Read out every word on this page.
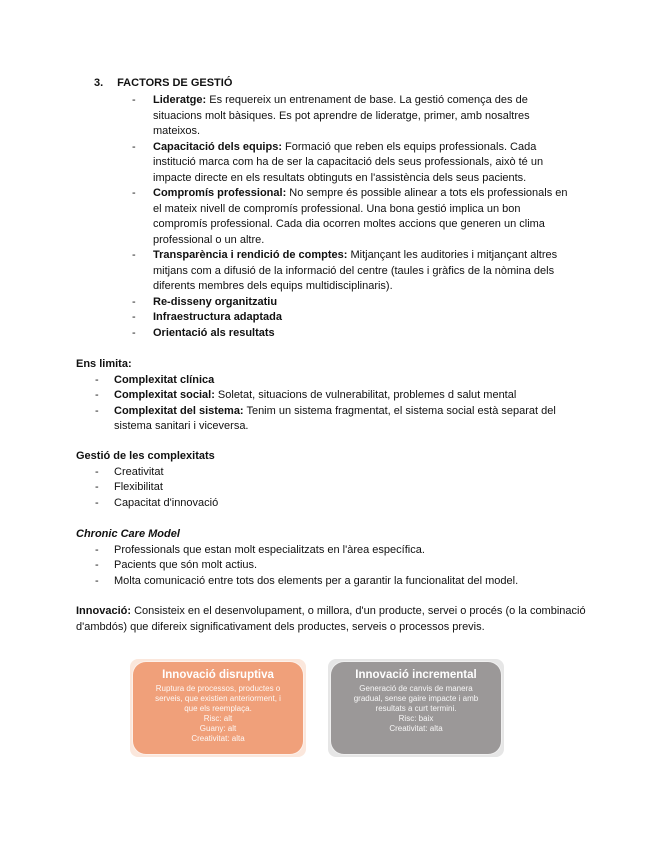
3. FACTORS DE GESTIÓ
- Lideratge: Es requereix un entrenament de base. La gestió comença des de situacions molt bàsiques. Es pot aprendre de lideratge, primer, amb nosaltres mateixos.
- Capacitació dels equips: Formació que reben els equips professionals. Cada institució marca com ha de ser la capacitació dels seus professionals, això té un impacte directe en els resultats obtinguts en l'assistència dels seus pacients.
- Compromís professional: No sempre és possible alinear a tots els professionals en el mateix nivell de compromís professional. Una bona gestió implica un bon compromís professional. Cada dia ocorren moltes accions que generen un clima professional o un altre.
- Transparència i rendició de comptes: Mitjançant les auditories i mitjançant altres mitjans com a difusió de la informació del centre (taules i gràfics de la nòmina dels diferents membres dels equips multidisciplinaris).
- Re-disseny organitzatiu
- Infraestructura adaptada
- Orientació als resultats

Ens limita:

- Complexitat clínica
- Complexitat social: Soletat, situacions de vulnerabilitat, problemes d salut mental
- Complexitat del sistema: Tenim un sistema fragmentat, el sistema social està separat del sistema sanitari i viceversa.

Gestió de les complexitats

- Creativitat
- Flexibilitat
- Capacitat d'innovació

Chronic Care Model

- Professionals que estan molt especialitzats en l'àrea específica.
- Pacients que són molt actius.
- Molta comunicació entre tots dos elements per a garantir la funcionalitat del model.

Innovació: Consisteix en el desenvolupament, o millora, d'un producte, servei o procés (o la combinació d'ambdós) que difereix significativament dels productes, serveis o processos previs.

Innovació disruptiva
Ruptura de processos, productes o
serveis, que existien anteriorment, i
que els reemplaça.
Risc: alt
Guany: alt
Creativitat: alta
Innovació incremental
Generació de canvis de manera
gradual, sense gaire impacte i amb
resultats a curt termini.
Risc: baix
Creativitat: alta
